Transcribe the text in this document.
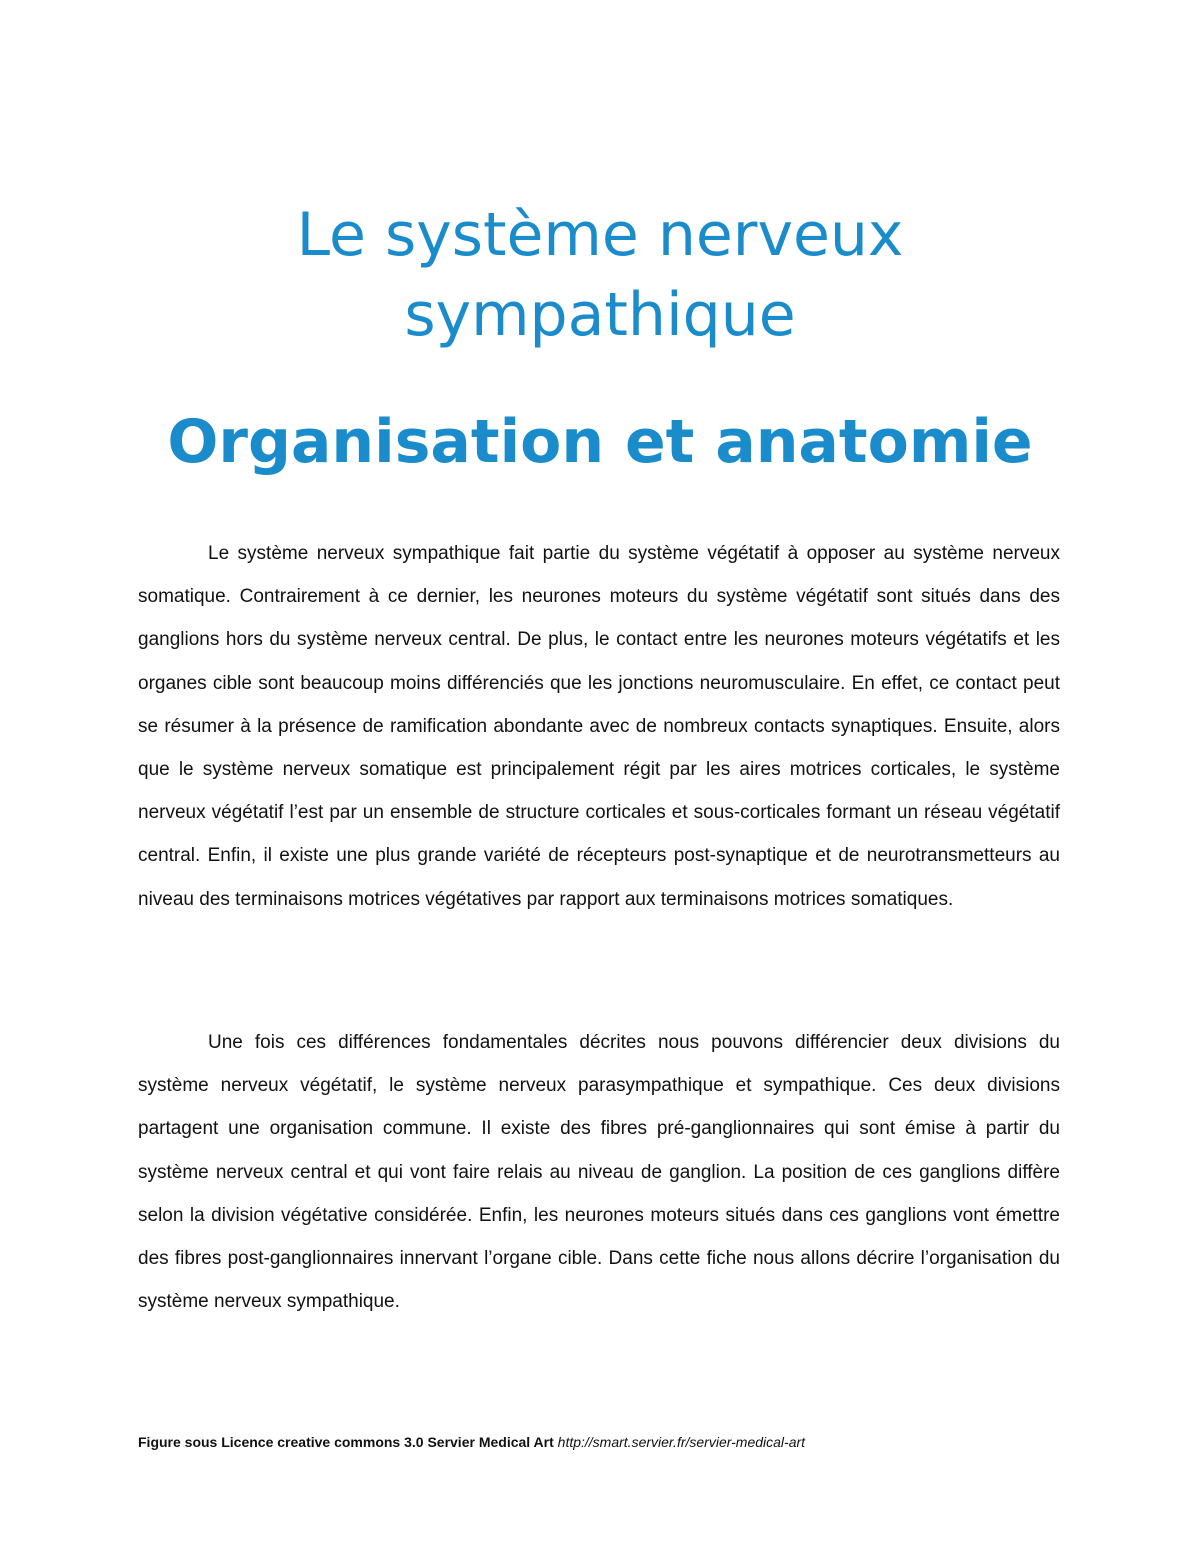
Le système nerveux
sympathique
Organisation et anatomie

Le système nerveux sympathique fait partie du système végétatif à opposer au système nerveux somatique. Contrairement à ce dernier, les neurones moteurs du système végétatif sont situés dans des ganglions hors du système nerveux central. De plus, le contact entre les neurones moteurs végétatifs et les organes cible sont beaucoup moins différenciés que les jonctions neuromusculaire. En effet, ce contact peut se résumer à la présence de ramification abondante avec de nombreux contacts synaptiques. Ensuite, alors que le système nerveux somatique est principalement régit par les aires motrices corticales, le système nerveux végétatif l’est par un ensemble de structure corticales et sous-corticales formant un réseau végétatif central. Enfin, il existe une plus grande variété de récepteurs post-synaptique et de neurotransmetteurs au niveau des terminaisons motrices végétatives par rapport aux terminaisons motrices somatiques.

Une fois ces différences fondamentales décrites nous pouvons différencier deux divisions du système nerveux végétatif, le système nerveux parasympathique et sympathique. Ces deux divisions partagent une organisation commune. Il existe des fibres pré-ganglionnaires qui sont émise à partir du système nerveux central et qui vont faire relais au niveau de ganglion. La position de ces ganglions diffère selon la division végétative considérée. Enfin, les neurones moteurs situés dans ces ganglions vont émettre des fibres post-ganglionnaires innervant l’organe cible. Dans cette fiche nous allons décrire l’organisation du système nerveux sympathique.

Figure sous Licence creative commons 3.0 Servier Medical Art http://smart.servier.fr/servier-medical-art
